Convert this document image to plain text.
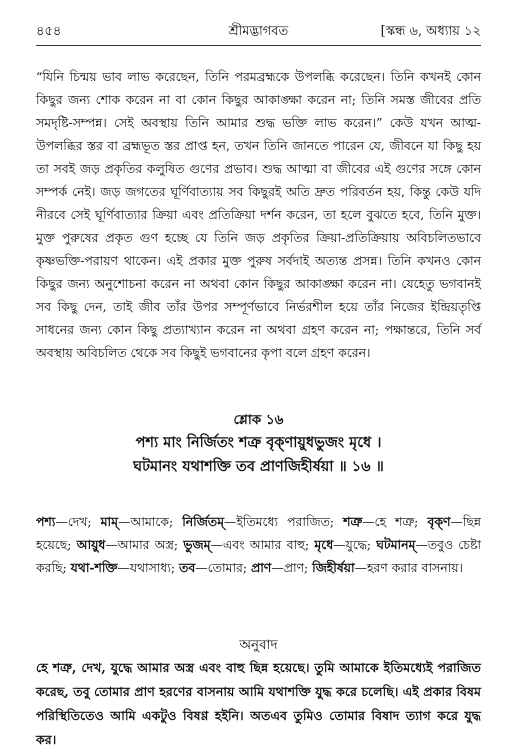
৪৫৪	শ্রীমদ্ভাগবত	[স্কন্ধ ৬, অধ্যায় ১২

“যিনি চিন্ময় ভাব লাভ করেছেন, তিনি পরমব্রহ্মকে উপলব্ধি করেছেন। তিনি কখনই কোন কিছুর জন্য শোক করেন না বা কোন কিছুর আকাঙ্ক্ষা করেন না; তিনি সমস্ত জীবের প্রতি সমদৃষ্টি-সম্পন্ন। সেই অবস্থায় তিনি আমার শুদ্ধ ভক্তি লাভ করেন।” কেউ যখন আত্ম-উপলব্ধির স্তর বা ব্রহ্মভূত স্তর প্রাপ্ত হন, তখন তিনি জানতে পারেন যে, জীবনে যা কিছু হয় তা সবই জড় প্রকৃতির কলুষিত গুণের প্রভাব। শুদ্ধ আত্মা বা জীবের এই গুণের সঙ্গে কোন সম্পর্ক নেই। জড় জগতের ঘূর্ণিবাত্যায় সব কিছুরই অতি দ্রুত পরিবর্তন হয়, কিন্তু কেউ যদি নীরবে সেই ঘূর্ণিবাত্যার ক্রিয়া এবং প্রতিক্রিয়া দর্শন করেন, তা হলে বুঝতে হবে, তিনি মুক্ত। মুক্ত পুরুষের প্রকৃত গুণ হচ্ছে যে তিনি জড় প্রকৃতির ক্রিয়া-প্রতিক্রিয়ায় অবিচলিতভাবে কৃষ্ণভক্তি-পরায়ণ থাকেন। এই প্রকার মুক্ত পুরুষ সর্বদাই অত্যন্ত প্রসন্ন। তিনি কখনও কোন কিছুর জন্য অনুশোচনা করেন না অথবা কোন কিছুর আকাঙ্ক্ষা করেন না। যেহেতু ভগবানই সব কিছু দেন, তাই জীব তাঁর উপর সম্পূর্ণভাবে নির্ভরশীল হয়ে তাঁর নিজের ইন্দ্রিয়তৃপ্তি সাধনের জন্য কোন কিছু প্রত্যাখ্যান করেন না অথবা গ্রহণ করেন না; পক্ষান্তরে, তিনি সর্ব অবস্থায় অবিচলিত থেকে সব কিছুই ভগবানের কৃপা বলে গ্রহণ করেন।

শ্লোক ১৬
পশ্য মাং নির্জিতং শত্রু বৃক্ণায়ুধভুজং মৃধে ।
ঘটমানং যথাশক্তি তব প্রাণজিহীর্ষয়া ॥ ১৬ ॥
পশ্য—দেখ; মাম্—আমাকে; নির্জিতম্—ইতিমধ্যে পরাজিত; শত্রু—হে শত্রু; বৃক্ণ—ছিন্ন হয়েছে; আয়ুধ—আমার অস্ত্র; ভুজম্—এবং আমার বাহু; মৃধে—যুদ্ধে; ঘটমানম্—তবুও চেষ্টা করছি; যথা-শক্তি—যথাসাধ্য; তব—তোমার; প্রাণ—প্রাণ; জিহীর্ষয়া—হরণ করার বাসনায়।
অনুবাদ
হে শত্রু, দেখ, যুদ্ধে আমার অস্ত্র এবং বাহু ছিন্ন হয়েছে। তুমি আমাকে ইতিমধ্যেই পরাজিত করেছ, তবু তোমার প্রাণ হরণের বাসনায় আমি যথাশক্তি যুদ্ধ করে চলেছি। এই প্রকার বিষম পরিস্থিতিতেও আমি একটুও বিষণ্ণ হইনি। অতএব তুমিও তোমার বিষাদ ত্যাগ করে যুদ্ধ কর।
